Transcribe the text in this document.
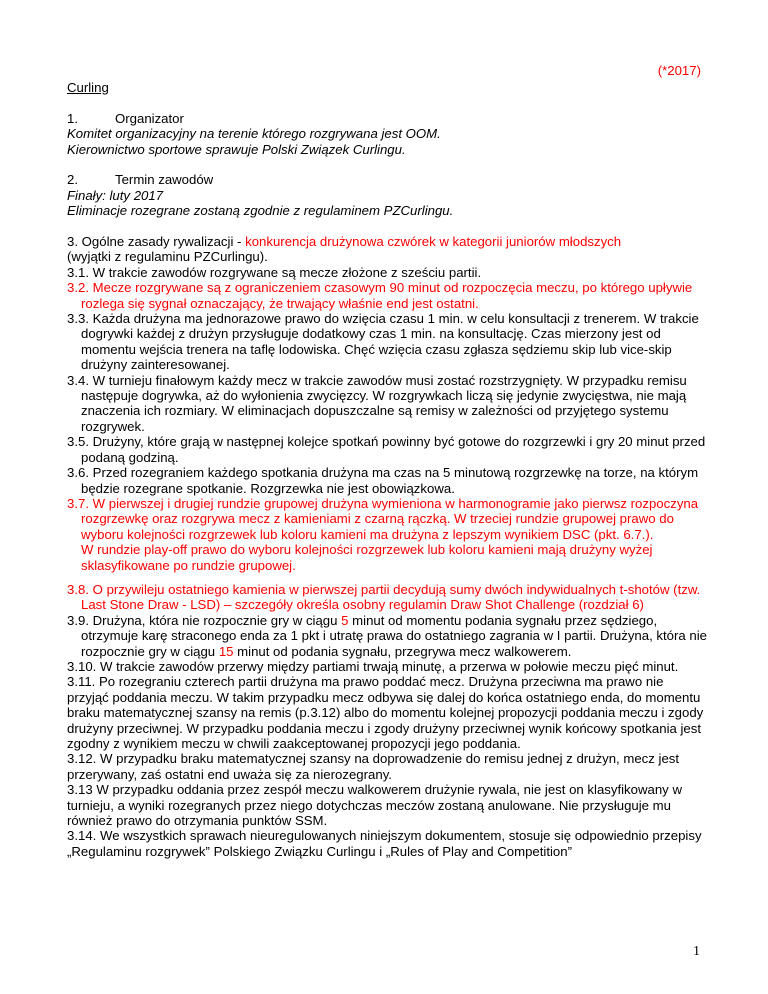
(*2017)

Curling

1.	Organizator

Komitet organizacyjny na terenie którego rozgrywana jest OOM.

Kierownictwo sportowe sprawuje Polski Związek Curlingu.

2.	Termin zawodów

Finały: luty 2017

Eliminacje rozegrane zostaną zgodnie z regulaminem PZCurlingu.

3. Ogólne zasady rywalizacji - konkurencja drużynowa czwórek w kategorii juniorów młodszych
(wyjątki z regulaminu PZCurlingu).

3.1. W trakcie zawodów rozgrywane są mecze złożone z sześciu partii.

3.2. Mecze rozgrywane są z ograniczeniem czasowym 90 minut od rozpoczęcia meczu, po którego upływie rozlega się sygnał oznaczający, że trwający właśnie end jest ostatni.

3.3. Każda drużyna ma jednorazowe prawo do wzięcia czasu 1 min. w celu konsultacji z trenerem. W trakcie dogrywki każdej z drużyn przysługuje dodatkowy czas 1 min. na konsultację. Czas mierzony jest od momentu wejścia trenera na taflę lodowiska. Chęć wzięcia czasu zgłasza sędziemu skip lub vice-skip drużyny zainteresowanej.

3.4. W turnieju finałowym każdy mecz w trakcie zawodów musi zostać rozstrzygnięty. W przypadku remisu następuje dogrywka, aż do wyłonienia zwycięzcy. W rozgrywkach liczą się jedynie zwycięstwa, nie mają znaczenia ich rozmiary. W eliminacjach dopuszczalne są remisy w zależności od przyjętego systemu rozgrywek.

3.5. Drużyny, które grają w następnej kolejce spotkań powinny być gotowe do rozgrzewki i gry 20 minut przed podaną godziną.

3.6. Przed rozegraniem każdego spotkania drużyna ma czas na 5 minutową rozgrzewkę na torze, na którym będzie rozegrane spotkanie. Rozgrzewka nie jest obowiązkowa.

3.7. W pierwszej i drugiej rundzie grupowej drużyna wymieniona w harmonogramie jako pierwsz rozpoczyna rozgrzewkę oraz rozgrywa mecz z kamieniami z czarną rączką. W trzeciej rundzie grupowej prawo do wyboru kolejności rozgrzewek lub koloru kamieni ma drużyna z lepszym wynikiem DSC (pkt. 6.7.).
W rundzie play-off prawo do wyboru kolejności rozgrzewek lub koloru kamieni mają drużyny wyżej sklasyfikowane po rundzie grupowej.

3.8. O przywileju ostatniego kamienia w pierwszej partii decydują sumy dwóch indywidualnych t-shotów (tzw. Last Stone Draw - LSD) – szczegóły określa osobny regulamin Draw Shot Challenge (rozdział 6)

3.9. Drużyna, która nie rozpocznie gry w ciągu 5 minut od momentu podania sygnału przez sędziego, otrzymuje karę straconego enda za 1 pkt i utratę prawa do ostatniego zagrania w I partii. Drużyna, która nie rozpocznie gry w ciągu 15 minut od podania sygnału, przegrywa mecz walkowerem.

3.10. W trakcie zawodów przerwy między partiami trwają minutę, a przerwa w połowie meczu pięć minut.

3.11. Po rozegraniu czterech partii drużyna ma prawo poddać mecz. Drużyna przeciwna ma prawo nie przyjąć poddania meczu. W takim przypadku mecz odbywa się dalej do końca ostatniego enda, do momentu braku matematycznej szansy na remis (p.3.12) albo do momentu kolejnej propozycji poddania meczu i zgody drużyny przeciwnej. W przypadku poddania meczu i zgody drużyny przeciwnej wynik końcowy spotkania jest zgodny z wynikiem meczu w chwili zaakceptowanej propozycji jego poddania.

3.12. W przypadku braku matematycznej szansy na doprowadzenie do remisu jednej z drużyn, mecz jest przerywany, zaś ostatni end uważa się za nierozegrany.

3.13 W przypadku oddania przez zespół meczu walkowerem drużynie rywala, nie jest on klasyfikowany w turnieju, a wyniki rozegranych przez niego dotychczas meczów zostaną anulowane. Nie przysługuje mu również prawo do otrzymania punktów SSM.

3.14. We wszystkich sprawach nieuregulowanych niniejszym dokumentem, stosuje się odpowiednio przepisy „Regulaminu rozgrywek” Polskiego Związku Curlingu i „Rules of Play and Competition”

1
